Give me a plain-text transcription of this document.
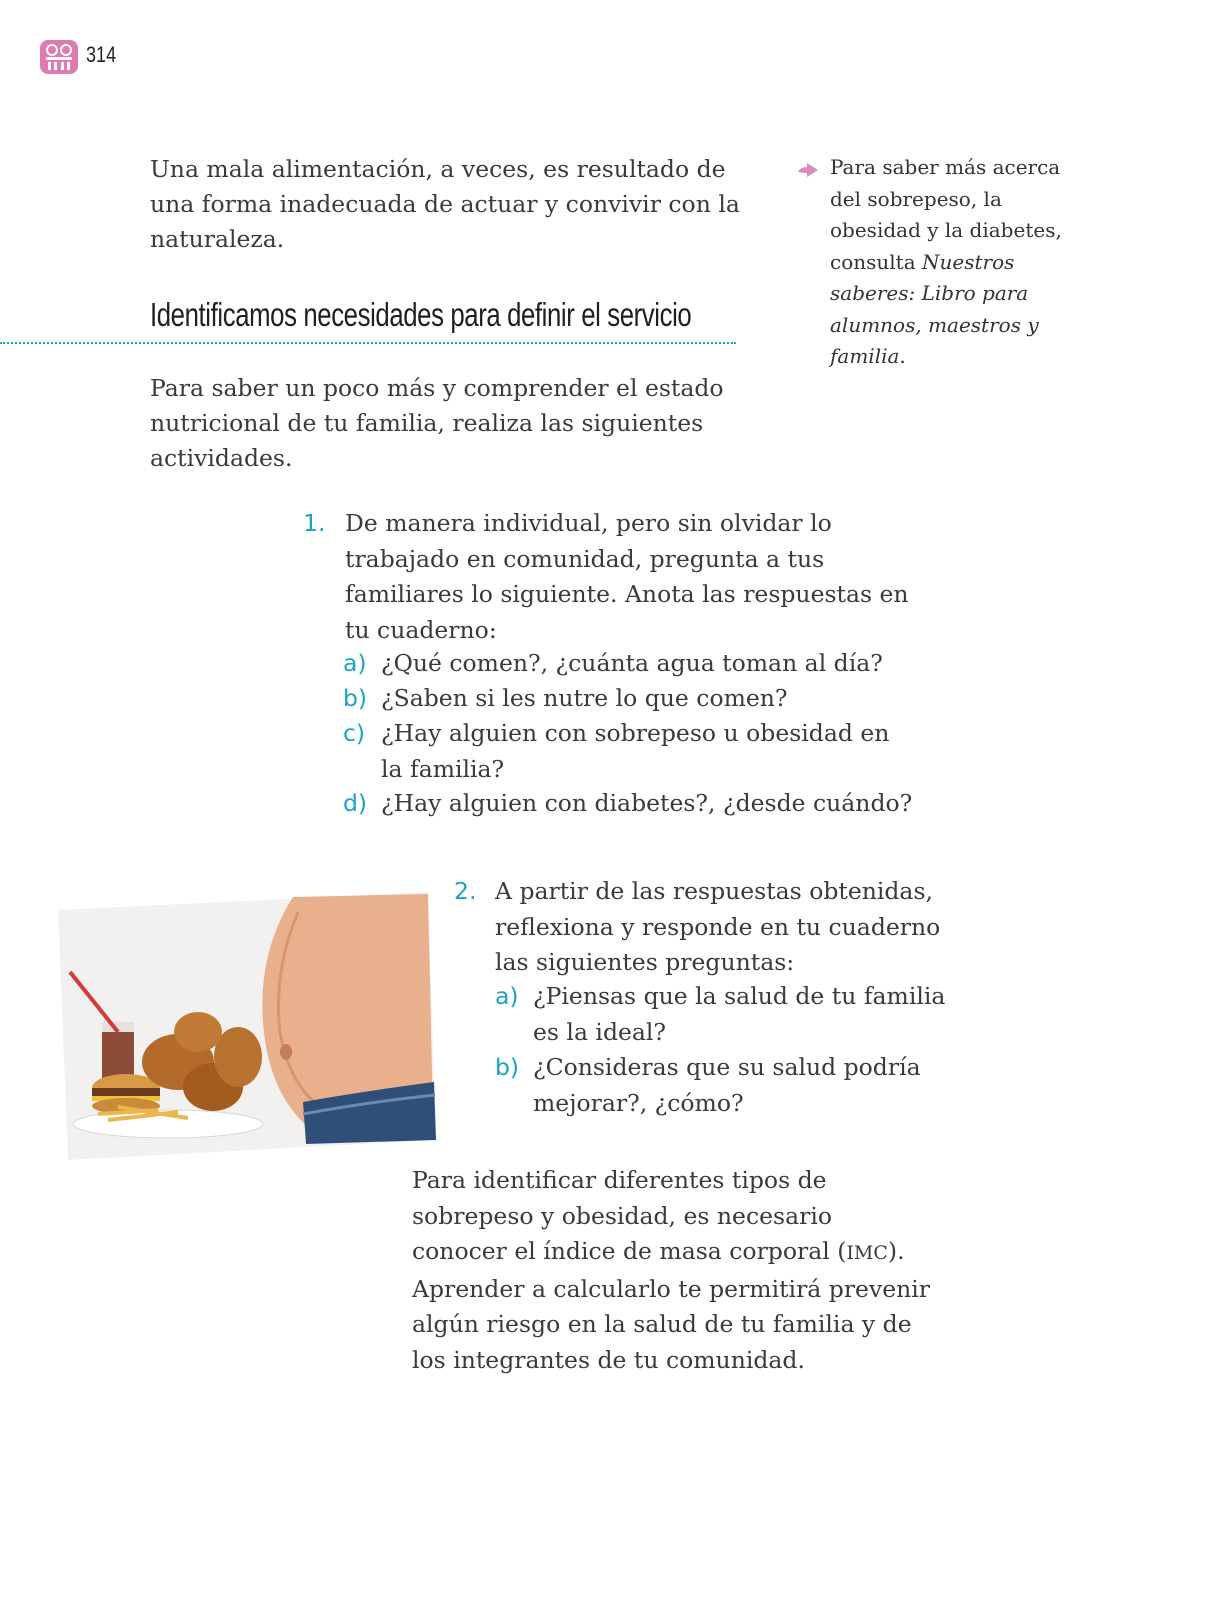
314
Una mala alimentación, a veces, es resultado de una forma inadecuada de actuar y convivir con la naturaleza.
Para saber más acerca del sobrepeso, la obesidad y la diabetes, consulta Nuestros saberes: Libro para alumnos, maestros y familia.
Identificamos necesidades para definir el servicio
Para saber un poco más y comprender el estado nutricional de tu familia, realiza las siguientes actividades.
1. De manera individual, pero sin olvidar lo trabajado en comunidad, pregunta a tus familiares lo siguiente. Anota las respuestas en tu cuaderno:
a) ¿Qué comen?, ¿cuánta agua toman al día?
b) ¿Saben si les nutre lo que comen?
c) ¿Hay alguien con sobrepeso u obesidad en la familia?
d) ¿Hay alguien con diabetes?, ¿desde cuándo?
2. A partir de las respuestas obtenidas, reflexiona y responde en tu cuaderno las siguientes preguntas:
a) ¿Piensas que la salud de tu familia es la ideal?
b) ¿Consideras que su salud podría mejorar?, ¿cómo?
Para identificar diferentes tipos de sobrepeso y obesidad, es necesario conocer el índice de masa corporal (IMC). Aprender a calcularlo te permitirá prevenir algún riesgo en la salud de tu familia y de los integrantes de tu comunidad.
